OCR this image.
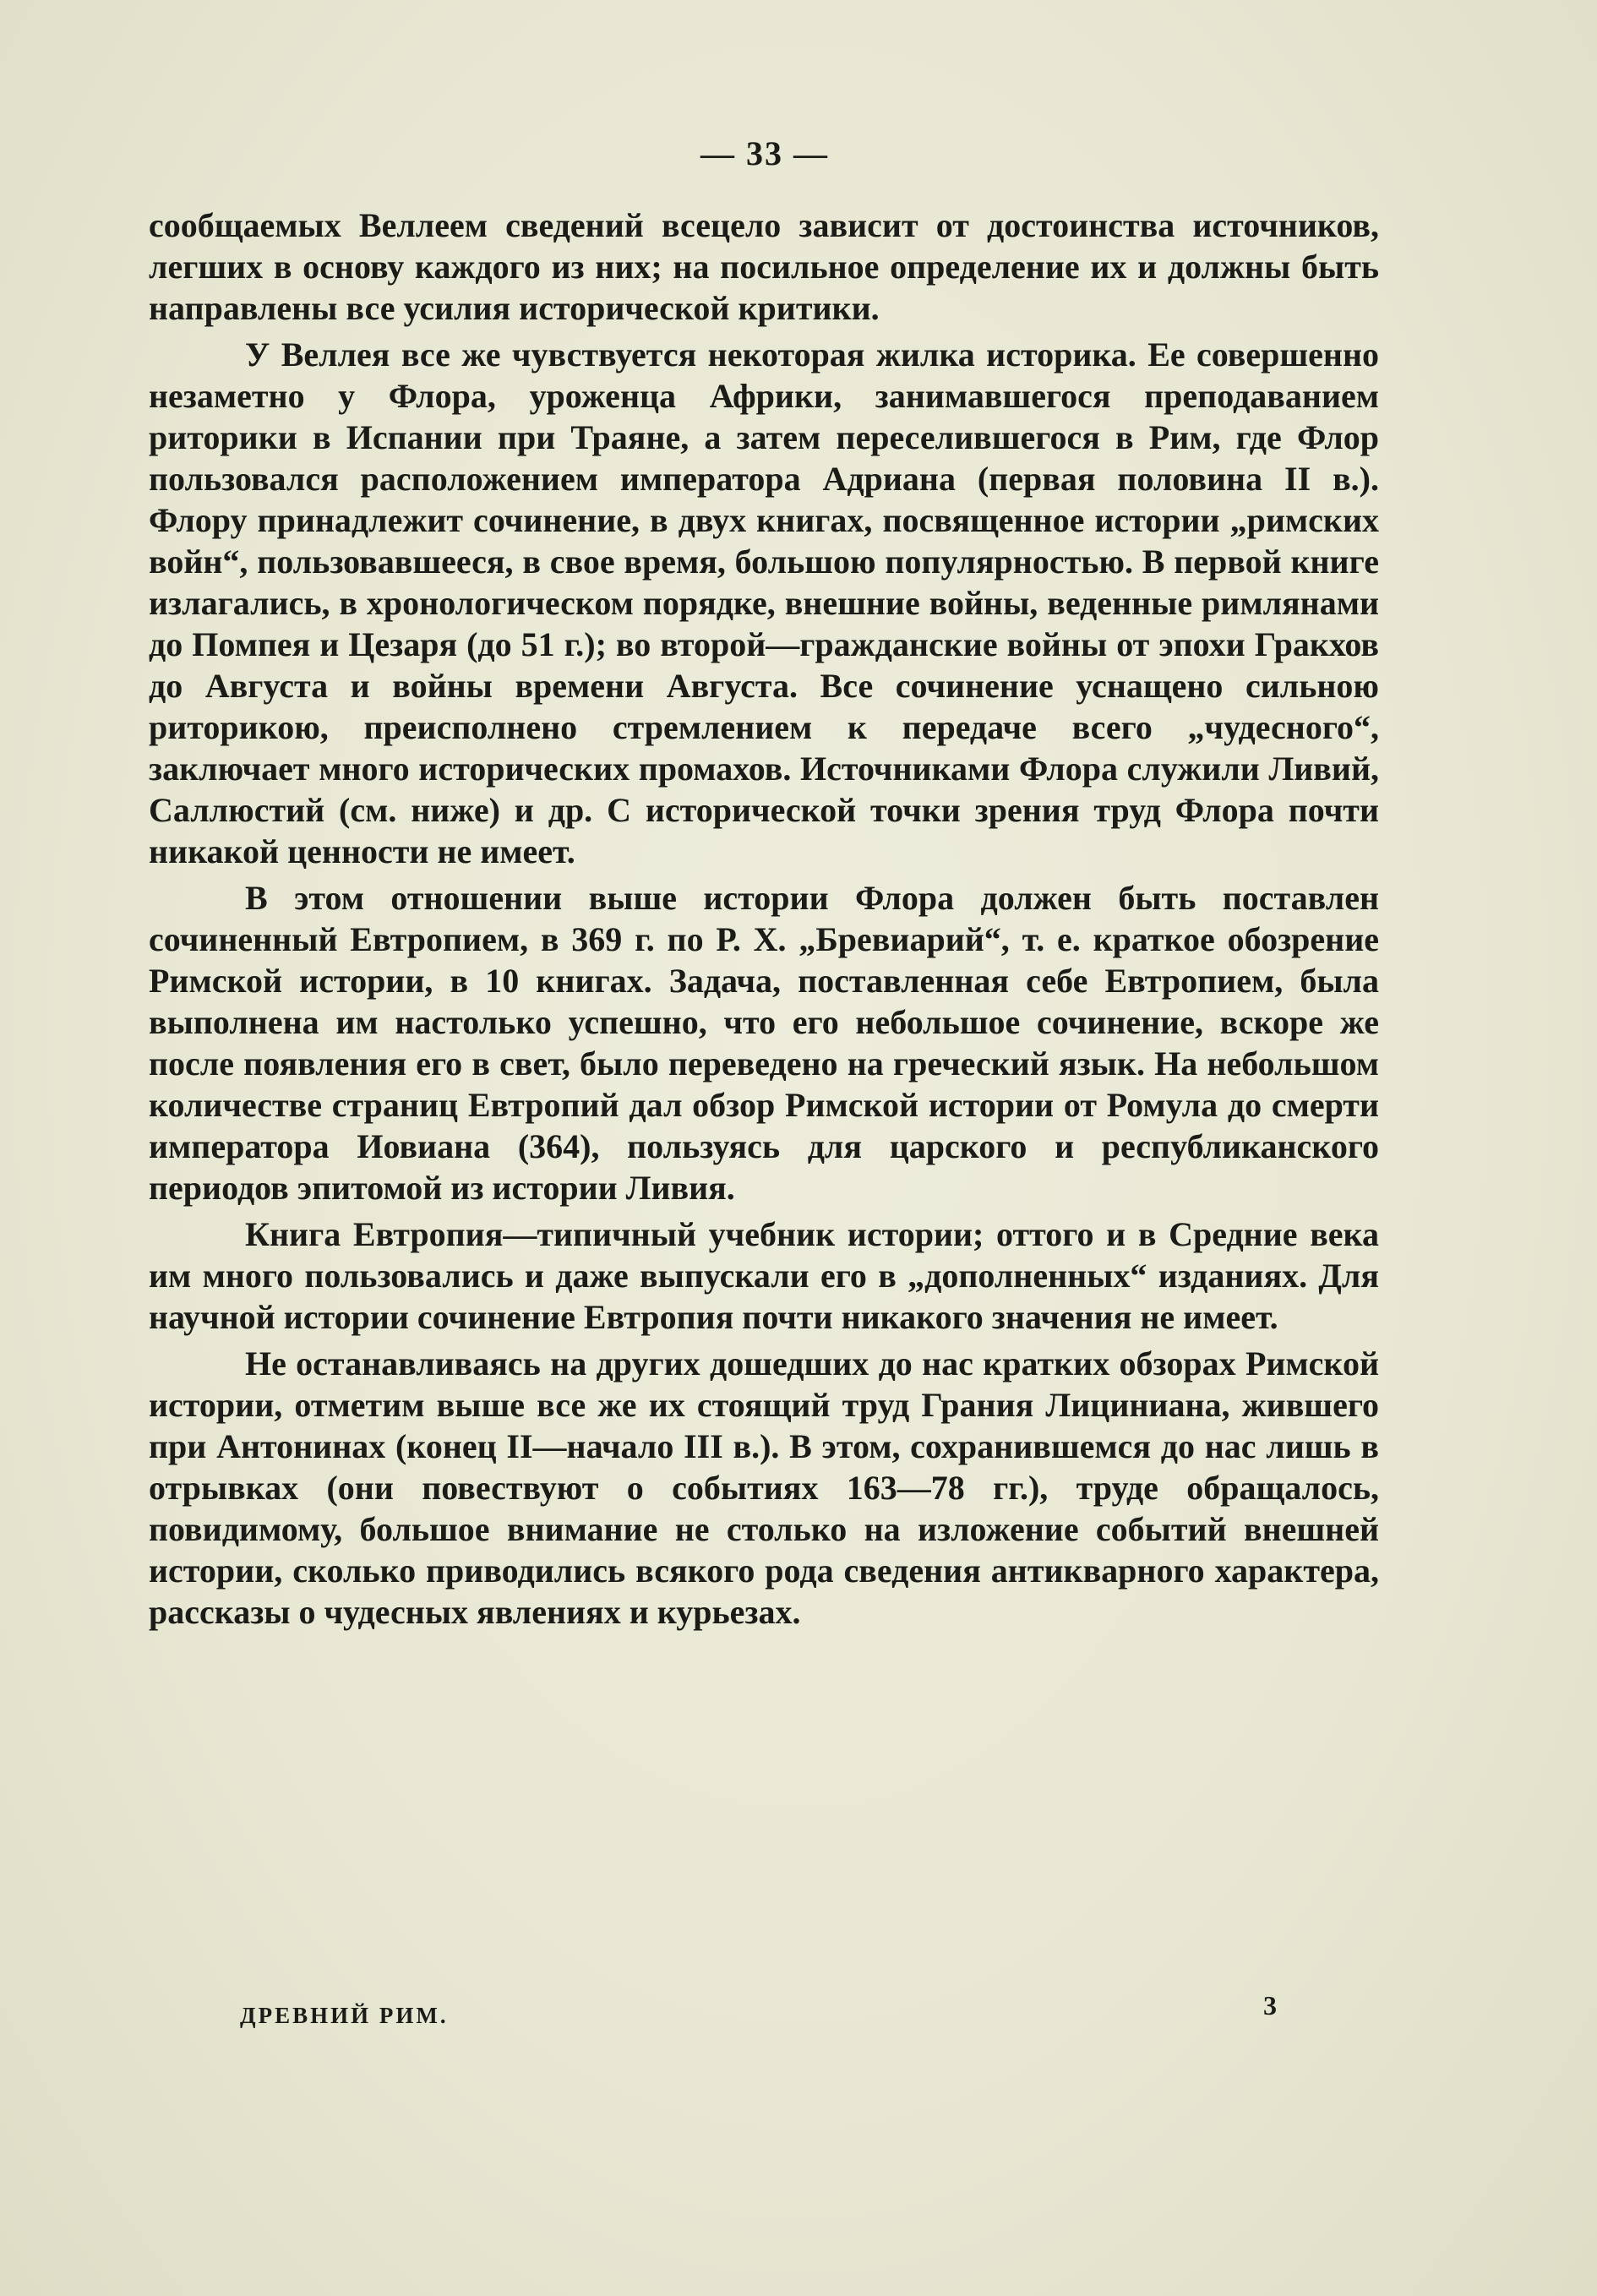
— 33 —

сообщаемых Веллеем сведений всецело зависит от достоинства источников, легших в основу каждого из них; на посильное определение их и должны быть направлены все усилия исторической критики.

У Веллея все же чувствуется некоторая жилка историка. Ее совершенно незаметно у Флора, уроженца Африки, занимавшегося преподаванием риторики в Испании при Траяне, а затем переселившегося в Рим, где Флор пользовался расположением императора Адриана (первая половина II в.). Флору принадлежит сочинение, в двух книгах, посвященное истории „римских войн“, пользовавшееся, в свое время, большою популярностью. В первой книге излагались, в хронологическом порядке, внешние войны, веденные римлянами до Помпея и Цезаря (до 51 г.); во второй—гражданские войны от эпохи Гракхов до Августа и войны времени Августа. Все сочинение уснащено сильною риторикою, преисполнено стремлением к передаче всего „чудесного“, заключает много исторических промахов. Источниками Флора служили Ливий, Саллюстий (см. ниже) и др. С исторической точки зрения труд Флора почти никакой ценности не имеет.

В этом отношении выше истории Флора должен быть поставлен сочиненный Евтропием, в 369 г. по Р. Х. „Бревиарий“, т. е. краткое обозрение Римской истории, в 10 книгах. Задача, поставленная себе Евтропием, была выполнена им настолько успешно, что его небольшое сочинение, вскоре же после появления его в свет, было переведено на греческий язык. На небольшом количестве страниц Евтропий дал обзор Римской истории от Ромула до смерти императора Иовиана (364), пользуясь для царского и республиканского периодов эпитомой из истории Ливия.

Книга Евтропия—типичный учебник истории; оттого и в Средние века им много пользовались и даже выпускали его в „дополненных“ изданиях. Для научной истории сочинение Евтропия почти никакого значения не имеет.

Не останавливаясь на других дошедших до нас кратких обзорах Римской истории, отметим выше все же их стоящий труд Грания Лициниана, жившего при Антонинах (конец II—начало III в.). В этом, сохранившемся до нас лишь в отрывках (они повествуют о событиях 163—78 гг.), труде обращалось, повидимому, большое внимание не столько на изложение событий внешней истории, сколько приводились всякого рода сведения антикварного характера, рассказы о чудесных явлениях и курьезах.

ДРЕВНИЙ РИМ.	3
